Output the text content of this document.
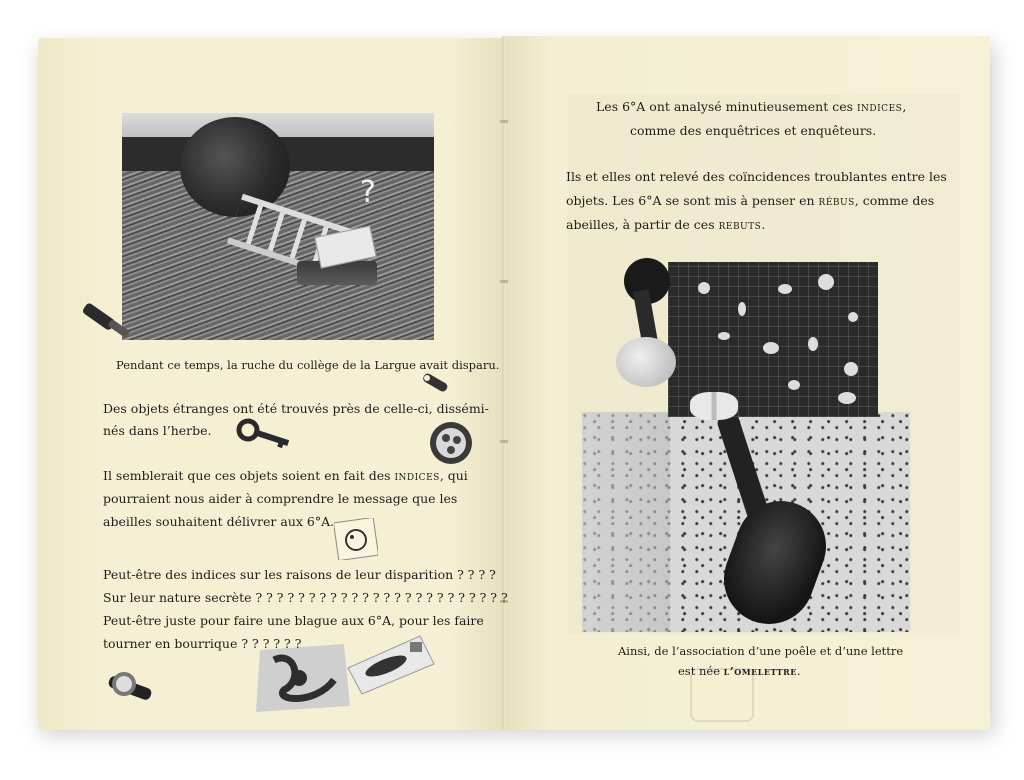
?
Pendant ce temps, la ruche du collège de la Largue avait disparu.
Des objets étranges ont été trouvés près de celle-ci, dissémi-
nés dans l’herbe.
Il semblerait que ces objets soient en fait des indices, qui
pourraient nous aider à comprendre le message que les
abeilles souhaitent délivrer aux 6°A.
Peut-être des indices sur les raisons de leur disparition ? ? ? ?
Sur leur nature secrète ? ? ? ? ? ? ? ? ? ? ? ? ? ? ? ? ? ? ? ? ? ? ? ?
Peut-être juste pour faire une blague aux 6°A, pour les faire
tourner en bourrique ? ? ? ? ? ?
Les 6°A ont analysé minutieusement ces indices,
comme des enquêtrices et enquêteurs.
Ils et elles ont relevé des coïncidences troublantes entre les
objets. Les 6°A se sont mis à penser en rébus, comme des
abeilles, à partir de ces rebuts.
Ainsi, de l’association d’une poêle et d’une lettre
est née l’omelettre.
